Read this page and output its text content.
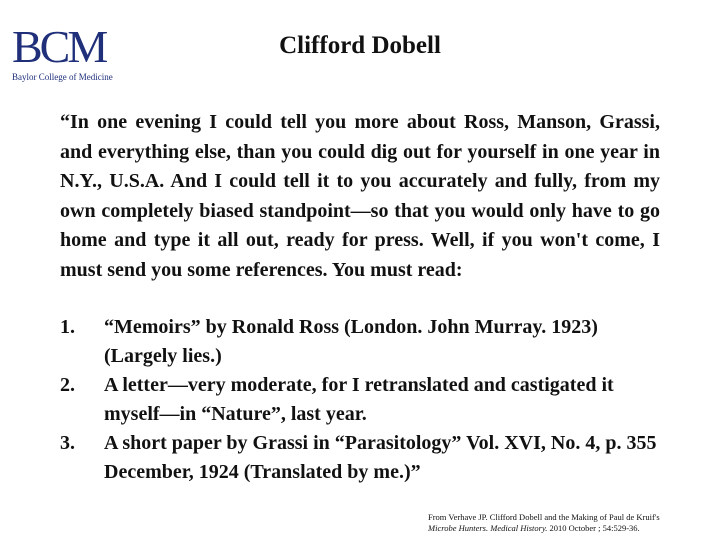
BCM
Baylor College of Medicine
Clifford Dobell
“In one evening I could tell you more about Ross, Manson, Grassi, and everything else, than you could dig out for yourself in one year in N.Y., U.S.A. And I could tell it to you accurately and fully, from my own completely biased standpoint—so that you would only have to go home and type it all out, ready for press. Well, if you won't come, I must send you some references. You must read:
1.	“Memoirs” by Ronald Ross (London. John Murray. 1923) (Largely lies.)
2.	A letter—very moderate, for I retranslated and castigated it myself—in “Nature”, last year.
3.	A short paper by Grassi in “Parasitology” Vol. XVI, No. 4, p. 355 December, 1924 (Translated by me.)”
From Verhave JP. Clifford Dobell and the Making of Paul de Kruif's
Microbe Hunters. Medical History. 2010 October ; 54:529-36.
